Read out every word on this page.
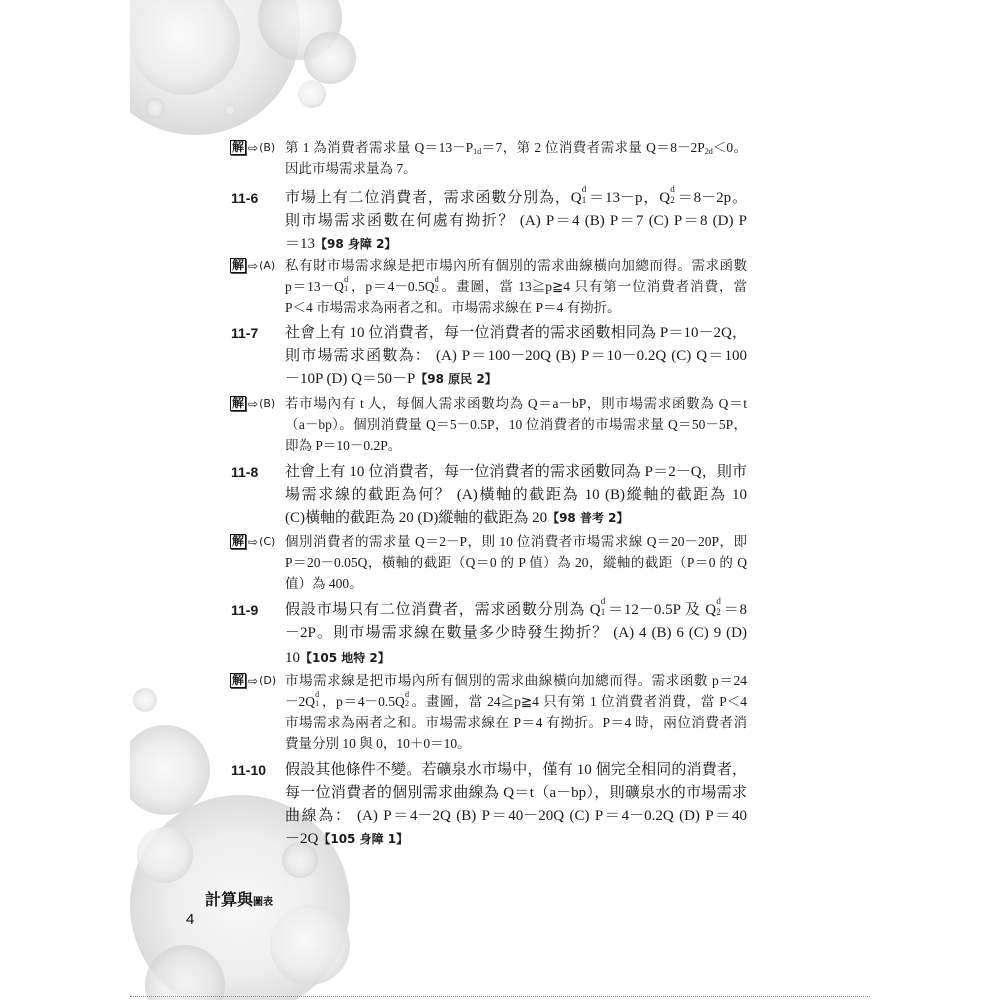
解 ⇨ (B) 第 1 為消費者需求量 $Q=13-P_{1d}=7$，第 2 位消費者需求量 $Q=8-2P_{2d}<0$。
因此市場需求量為 7。
11-6 市場上有二位消費者，需求函數分別為，Q 1
d
＝13－p，Q 2
d
＝8－2p。
則市場需求函數在何處有拗折？ (A) P＝4 (B) P＝7 (C) P＝8 (D) P
＝13【98 身障 2】
解 ⇨ (A) 私有財市場需求線是把市場內所有個別的需求曲線橫向加總而得。需求函數
p＝13－Q 1
d ，p＝4－0.5Q 2
d 。畫圖，當 13≧p≧4 只有第一位消費者消費，當
P＜4 市場需求為兩者之和。市場需求線在 P＝4 有拗折。
11-7 社會上有 10 位消費者，每一位消費者的需求函數相同為 P＝10－2Q，
則市場需求函數為： (A) P＝100－20Q (B) P＝10－0.2Q (C) Q＝100
－10P (D) Q＝50－P【98 原民 2】
解 ⇨ (B) 若市場內有 t 人，每個人需求函數均為 Q＝a－bP，則市場需求函數為 Q＝t
（a－bp）。個別消費量 Q＝5－0.5P，10 位消費者的市場需求量 Q＝50－5P，
即為 P＝10－0.2P。
11-8 社會上有 10 位消費者，每一位消費者的需求函數同為 P＝2－Q，則市
場需求線的截距為何？ (A)橫軸的截距為 10 (B)縱軸的截距為 10
(C)橫軸的截距為 20 (D)縱軸的截距為 20【98 普考 2】
解 ⇨ (C) 個別消費者的需求量 Q＝2－P，則 10 位消費者市場需求線 Q＝20－20P，即
P＝20－0.05Q，橫軸的截距（Q＝0 的 P 值）為 20，縱軸的截距（P＝0 的 Q
值）為 400。
11-9 假設市場只有二位消費者，需求函數分別為 Q 1
d
＝12－0.5P 及 Q 2
d
＝8
－2P。則市場需求線在數量多少時發生拗折？ (A) 4 (B) 6 (C) 9 (D)
10【105 地特 2】
解 ⇨ (D) 市場需求線是把市場內所有個別的需求曲線橫向加總而得。需求函數 p＝24
－2Q 1
d ，p＝4－0.5Q 2
d 。畫圖，當 24≧p≧4 只有第 1 位消費者消費，當 P＜4
市場需求為兩者之和。市場需求線在 P＝4 有拗折。P＝4 時，兩位消費者消
費量分別 10 與 0，10＋0＝10。
11-10 假設其他條件不變。若礦泉水市場中，僅有 10 個完全相同的消費者，
每一位消費者的個別需求曲線為 Q＝t（a－bp），則礦泉水的市場需求
曲線為： (A) P＝4－2Q (B) P＝40－20Q (C) P＝4－0.2Q (D) P＝40
－2Q【105 身障 1】
計算與圖表
4
